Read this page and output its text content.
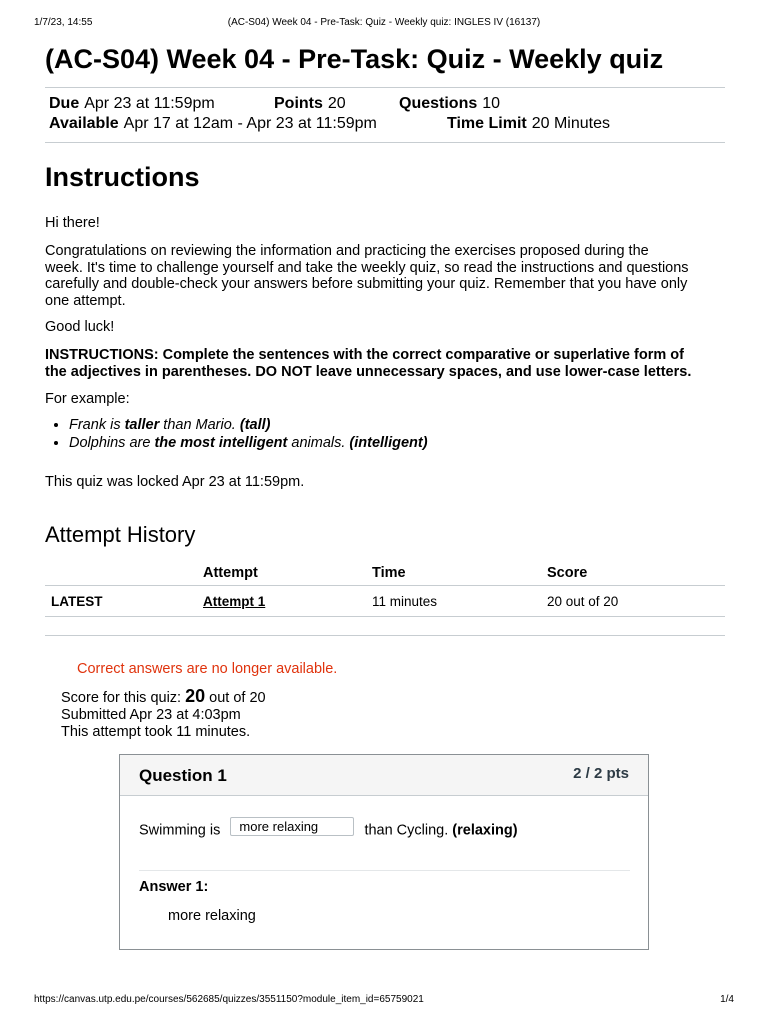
1/7/23, 14:55	(AC-S04) Week 04 - Pre-Task: Quiz - Weekly quiz: INGLES IV (16137)
(AC-S04) Week 04 - Pre-Task: Quiz - Weekly quiz
Due Apr 23 at 11:59pm	Points 20	Questions 10
Available Apr 17 at 12am - Apr 23 at 11:59pm	Time Limit 20 Minutes
Instructions
Hi there!
Congratulations on reviewing the information and practicing the exercises proposed during the
week. It's time to challenge yourself and take the weekly quiz, so read the instructions and questions
carefully and double-check your answers before submitting your quiz. Remember that you have only
one attempt.
Good luck!
INSTRUCTIONS: Complete the sentences with the correct comparative or superlative form of
the adjectives in parentheses. DO NOT leave unnecessary spaces, and use lower-case letters.
For example:
• Frank is taller than Mario. (tall)
• Dolphins are the most intelligent animals. (intelligent)
This quiz was locked Apr 23 at 11:59pm.
Attempt History
	Attempt	Time	Score
LATEST	Attempt 1	11 minutes	20 out of 20
Correct answers are no longer available.
Score for this quiz: 20 out of 20
Submitted Apr 23 at 4:03pm
This attempt took 11 minutes.
Question 1	2 / 2 pts
Swimming is more relaxing	than Cycling. (relaxing)
Answer 1:
more relaxing
https://canvas.utp.edu.pe/courses/562685/quizzes/3551150?module_item_id=65759021	1/4
